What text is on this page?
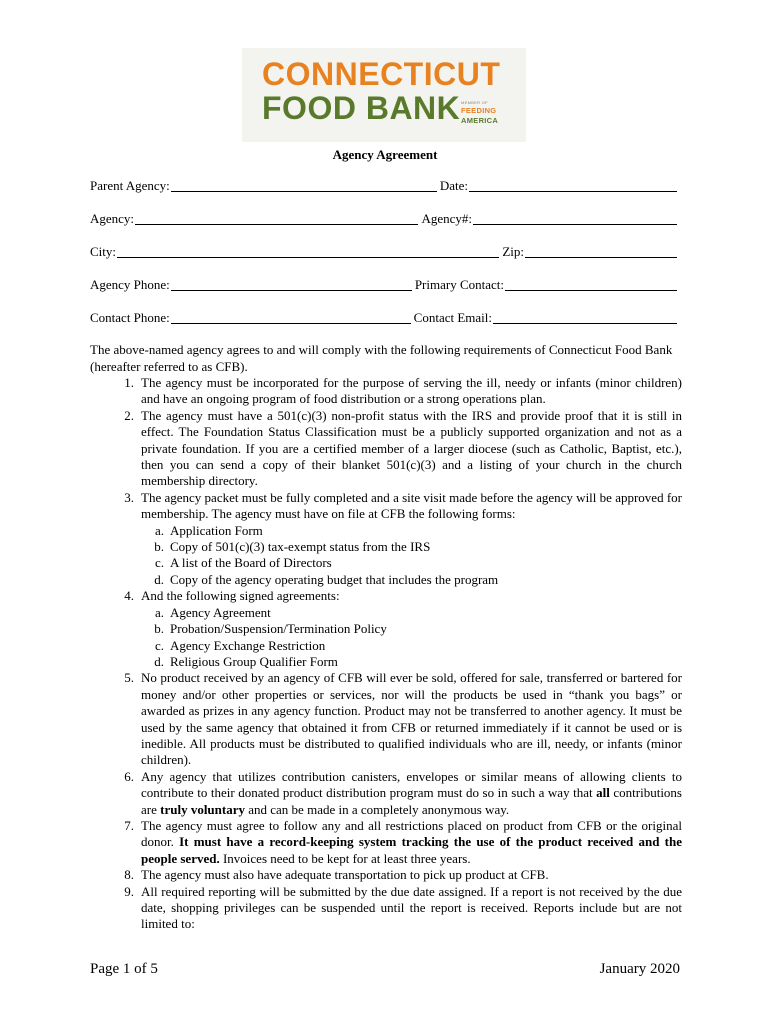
CONNECTICUT
FOOD BANK MEMBER OF
FEEDING
AMERICA
Agency Agreement
Parent Agency:	Date:
Agency:	Agency#:
City:	Zip:
Agency Phone:	Primary Contact:
Contact Phone:	Contact Email:
The above-named agency agrees to and will comply with the following requirements of Connecticut Food Bank (hereafter referred to as CFB).
1. The agency must be incorporated for the purpose of serving the ill, needy or infants (minor children) and have an ongoing program of food distribution or a strong operations plan.
2. The agency must have a 501(c)(3) non-profit status with the IRS and provide proof that it is still in effect. The Foundation Status Classification must be a publicly supported organization and not as a private foundation. If you are a certified member of a larger diocese (such as Catholic, Baptist, etc.), then you can send a copy of their blanket 501(c)(3) and a listing of your church in the church membership directory.
3. The agency packet must be fully completed and a site visit made before the agency will be approved for membership. The agency must have on file at CFB the following forms:
a. Application Form
b. Copy of 501(c)(3) tax-exempt status from the IRS
c. A list of the Board of Directors
d. Copy of the agency operating budget that includes the program
4. And the following signed agreements:
a. Agency Agreement
b. Probation/Suspension/Termination Policy
c. Agency Exchange Restriction
d. Religious Group Qualifier Form
5. No product received by an agency of CFB will ever be sold, offered for sale, transferred or bartered for money and/or other properties or services, nor will the products be used in “thank you bags” or awarded as prizes in any agency function. Product may not be transferred to another agency. It must be used by the same agency that obtained it from CFB or returned immediately if it cannot be used or is inedible. All products must be distributed to qualified individuals who are ill, needy, or infants (minor children).
6. Any agency that utilizes contribution canisters, envelopes or similar means of allowing clients to contribute to their donated product distribution program must do so in such a way that all contributions are truly voluntary and can be made in a completely anonymous way.
7. The agency must agree to follow any and all restrictions placed on product from CFB or the original donor. It must have a record-keeping system tracking the use of the product received and the people served. Invoices need to be kept for at least three years.
8. The agency must also have adequate transportation to pick up product at CFB.
9. All required reporting will be submitted by the due date assigned. If a report is not received by the due date, shopping privileges can be suspended until the report is received. Reports include but are not limited to:
Page 1 of 5	January 2020
